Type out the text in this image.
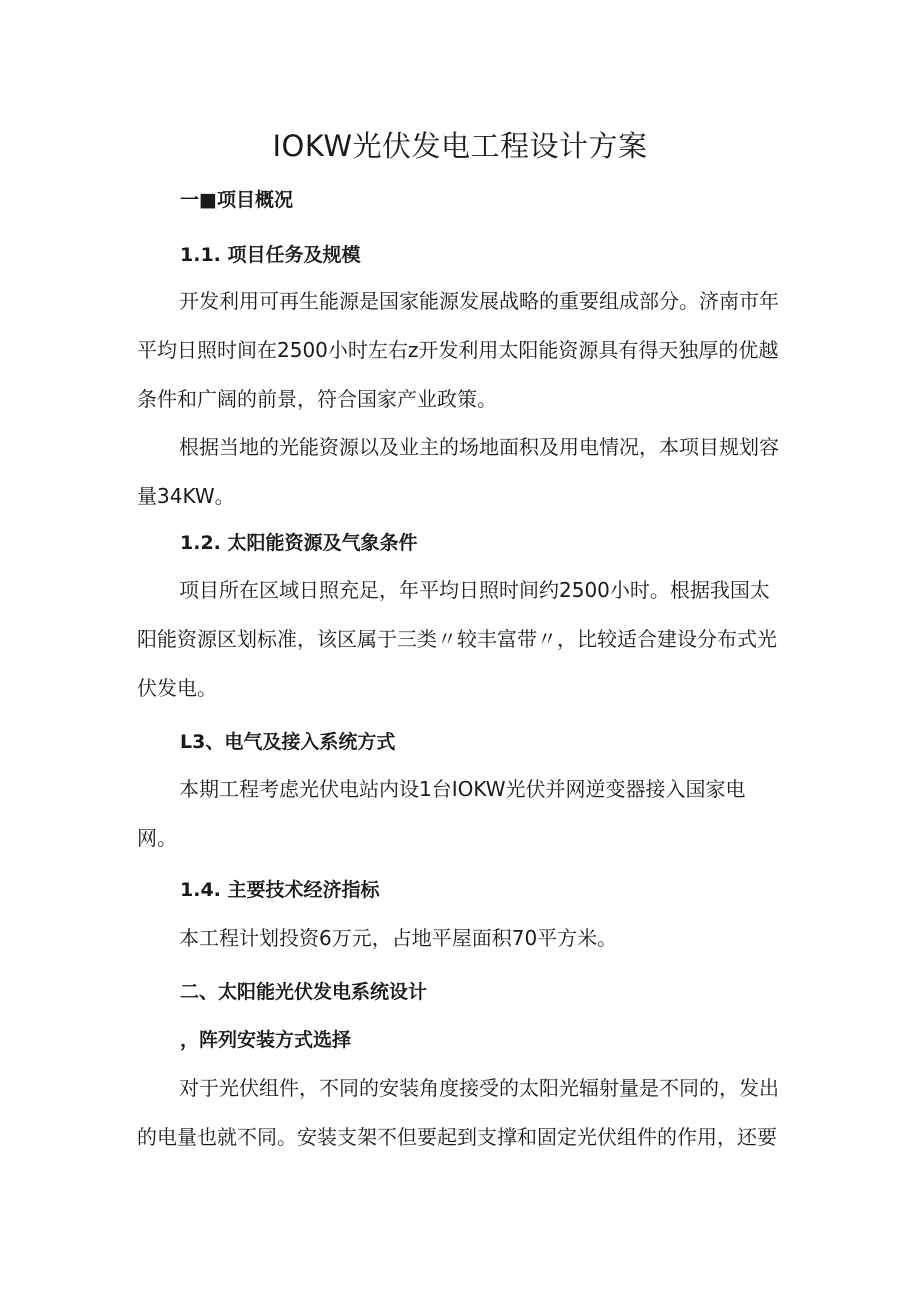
IOKW光伏发电工程设计方案
一■项目概况
1.1. 项目任务及规模

开发利用可再生能源是国家能源发展战略的重要组成部分。济南市年平均日照时间在2500小时左右z开发利用太阳能资源具有得天独厚的优越条件和广阔的前景，符合国家产业政策。

根据当地的光能资源以及业主的场地面积及用电情况，本项目规划容量34KW。

1.2. 太阳能资源及气象条件

项目所在区域日照充足，年平均日照时间约2500小时。根据我国太阳能资源区划标准，该区属于三类〃较丰富带〃，比较适合建设分布式光伏发电。

L3、电气及接入系统方式

本期工程考虑光伏电站内设1台IOKW光伏并网逆变器接入国家电网。

1.4. 主要技术经济指标

本工程计划投资6万元，占地平屋面积70平方米。

二、太阳能光伏发电系统设计
，阵列安装方式选择

对于光伏组件，不同的安装角度接受的太阳光辐射量是不同的，发出的电量也就不同。安装支架不但要起到支撑和固定光伏组件的作用，还要
